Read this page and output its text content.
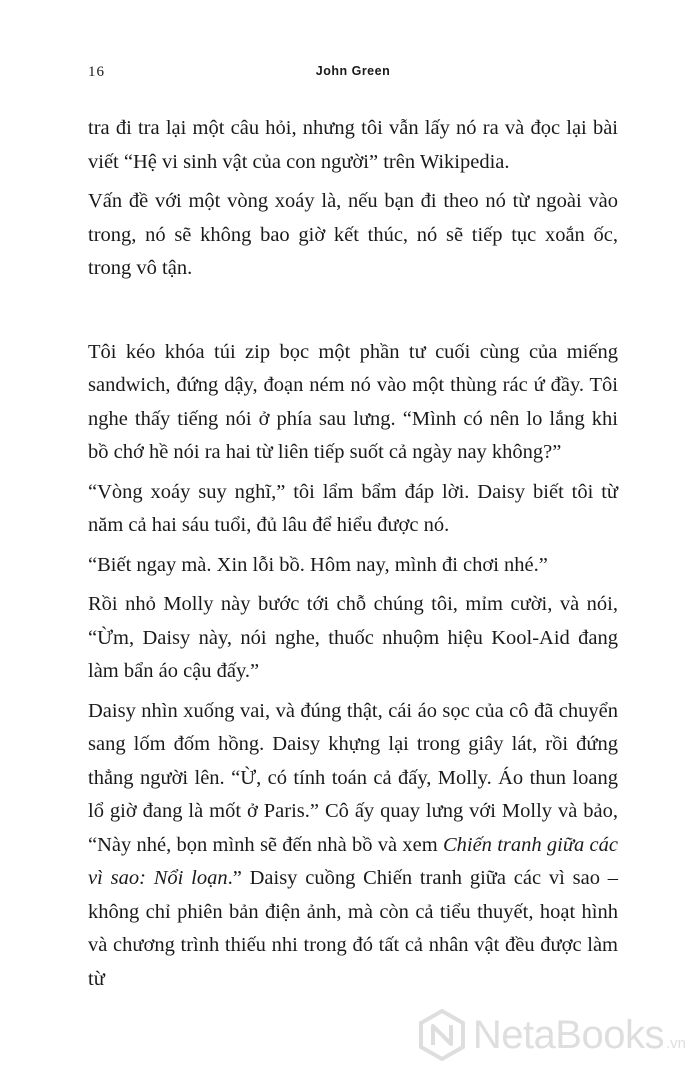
16	John Green

tra đi tra lại một câu hỏi, nhưng tôi vẫn lấy nó ra và đọc lại bài viết “Hệ vi sinh vật của con người” trên Wikipedia.

Vấn đề với một vòng xoáy là, nếu bạn đi theo nó từ ngoài vào trong, nó sẽ không bao giờ kết thúc, nó sẽ tiếp tục xoắn ốc, trong vô tận.

Tôi kéo khóa túi zip bọc một phần tư cuối cùng của miếng sandwich, đứng dậy, đoạn ném nó vào một thùng rác ứ đầy. Tôi nghe thấy tiếng nói ở phía sau lưng. “Mình có nên lo lắng khi bồ chớ hề nói ra hai từ liên tiếp suốt cả ngày nay không?”

“Vòng xoáy suy nghĩ,” tôi lẩm bẩm đáp lời. Daisy biết tôi từ năm cả hai sáu tuổi, đủ lâu để hiểu được nó.

“Biết ngay mà. Xin lỗi bồ. Hôm nay, mình đi chơi nhé.”

Rồi nhỏ Molly này bước tới chỗ chúng tôi, mỉm cười, và nói, “Ừm, Daisy này, nói nghe, thuốc nhuộm hiệu Kool-Aid đang làm bẩn áo cậu đấy.”

Daisy nhìn xuống vai, và đúng thật, cái áo sọc của cô đã chuyển sang lốm đốm hồng. Daisy khựng lại trong giây lát, rồi đứng thẳng người lên. “Ừ, có tính toán cả đấy, Molly. Áo thun loang lổ giờ đang là mốt ở Paris.” Cô ấy quay lưng với Molly và bảo, “Này nhé, bọn mình sẽ đến nhà bồ và xem Chiến tranh giữa các vì sao: Nổi loạn.” Daisy cuồng Chiến tranh giữa các vì sao – không chỉ phiên bản điện ảnh, mà còn cả tiểu thuyết, hoạt hình và chương trình thiếu nhi trong đó tất cả nhân vật đều được làm từ

NetaBooks .vn
